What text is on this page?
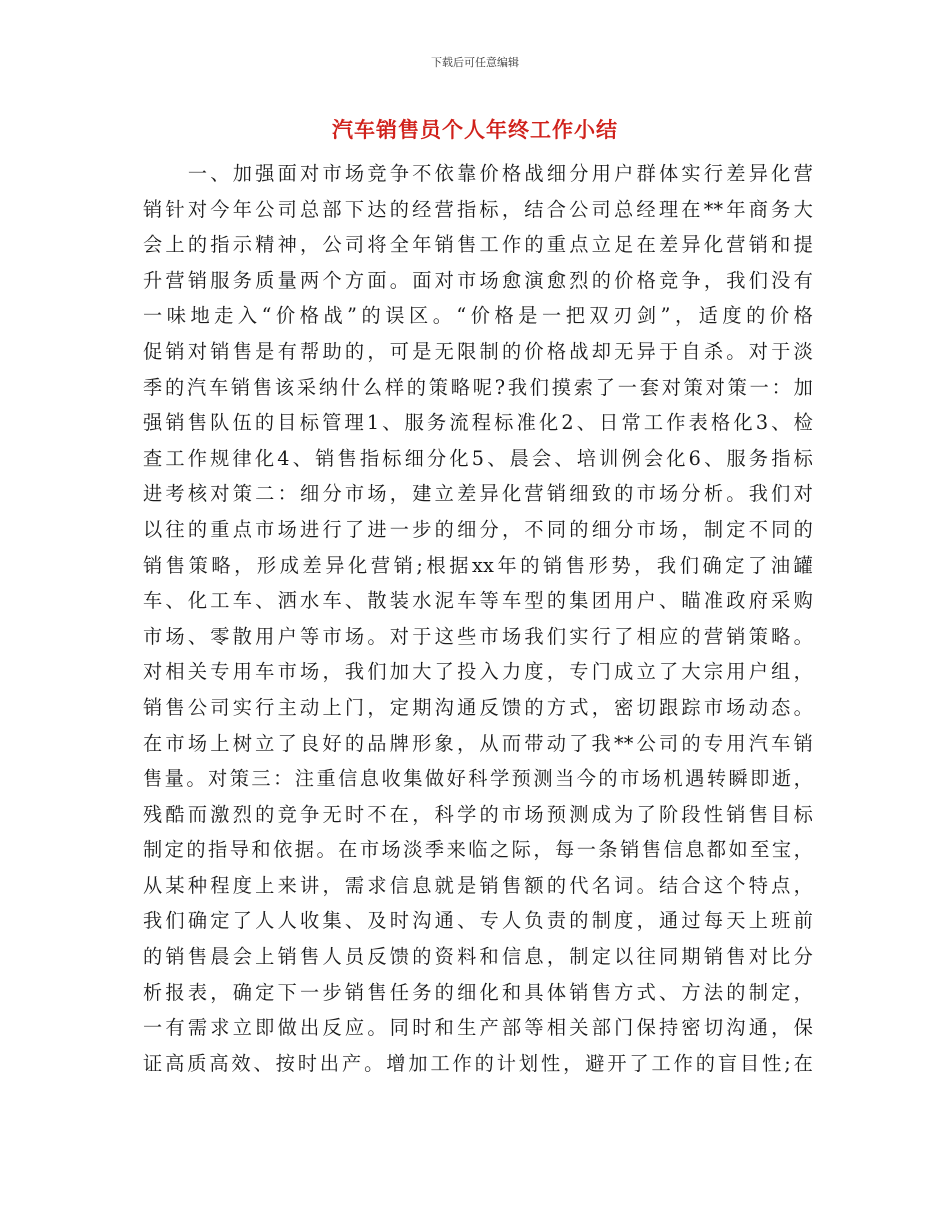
下载后可任意编辑
汽车销售员个人年终工作小结
　　一、加强面对市场竞争不依靠价格战细分用户群体实行差异化营
销针对今年公司总部下达的经营指标，结合公司总经理在**年商务大
会上的指示精神，公司将全年销售工作的重点立足在差异化营销和提
升营销服务质量两个方面。面对市场愈演愈烈的价格竞争，我们没有
一味地走入“价格战”的误区。“价格是一把双刃剑”，适度的价格
促销对销售是有帮助的，可是无限制的价格战却无异于自杀。对于淡
季的汽车销售该采纳什么样的策略呢?我们摸索了一套对策对策一：加
强销售队伍的目标管理1、服务流程标准化2、日常工作表格化3、检
查工作规律化4、销售指标细分化5、晨会、培训例会化6、服务指标
进考核对策二：细分市场，建立差异化营销细致的市场分析。我们对
以往的重点市场进行了进一步的细分，不同的细分市场，制定不同的
销售策略，形成差异化营销;根据xx年的销售形势，我们确定了油罐
车、化工车、洒水车、散装水泥车等车型的集团用户、瞄准政府采购
市场、零散用户等市场。对于这些市场我们实行了相应的营销策略。
对相关专用车市场，我们加大了投入力度，专门成立了大宗用户组，
销售公司实行主动上门，定期沟通反馈的方式，密切跟踪市场动态。
在市场上树立了良好的品牌形象，从而带动了我**公司的专用汽车销
售量。对策三：注重信息收集做好科学预测当今的市场机遇转瞬即逝，
残酷而激烈的竞争无时不在，科学的市场预测成为了阶段性销售目标
制定的指导和依据。在市场淡季来临之际，每一条销售信息都如至宝，
从某种程度上来讲，需求信息就是销售额的代名词。结合这个特点，
我们确定了人人收集、及时沟通、专人负责的制度，通过每天上班前
的销售晨会上销售人员反馈的资料和信息，制定以往同期销售对比分
析报表，确定下一步销售任务的细化和具体销售方式、方法的制定，
一有需求立即做出反应。同时和生产部等相关部门保持密切沟通，保
证高质高效、按时出产。增加工作的计划性，避开了工作的盲目性;在
